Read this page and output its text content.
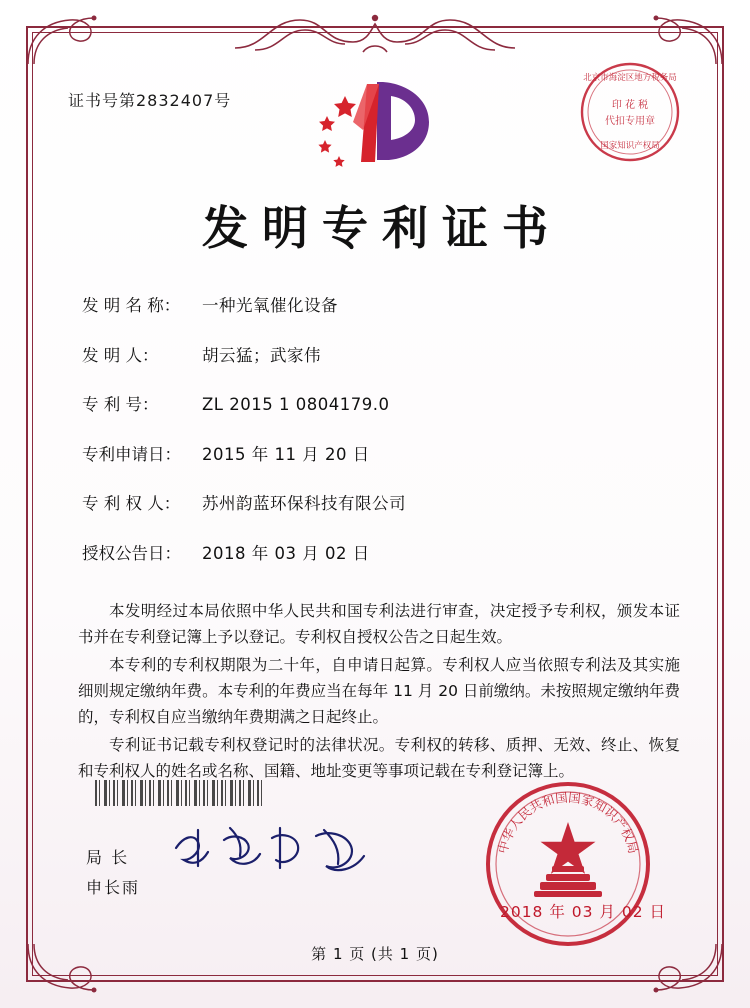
证书号第2832407号
发明专利证书
北京市海淀区地方税务局
印 花 税
代扣专用章
国家知识产权局
发 明 名 称：	一种光氧催化设备
发 明 人：	胡云猛；武家伟
专 利 号：	ZL 2015 1 0804179.0
专利申请日：	2015 年 11 月 20 日
专 利 权 人：	苏州韵蓝环保科技有限公司
授权公告日：	2018 年 03 月 02 日

本发明经过本局依照中华人民共和国专利法进行审查，决定授予专利权，颁发本证书并在专利登记簿上予以登记。专利权自授权公告之日起生效。

本专利的专利权期限为二十年，自申请日起算。专利权人应当依照专利法及其实施细则规定缴纳年费。本专利的年费应当在每年 11 月 20 日前缴纳。未按照规定缴纳年费的，专利权自应当缴纳年费期满之日起终止。

专利证书记载专利权登记时的法律状况。专利权的转移、质押、无效、终止、恢复和专利权人的姓名或名称、国籍、地址变更等事项记载在专利登记簿上。

局 长
申长雨
中华人民共和国国家知识产权局
2018 年 03 月 02 日
第 1 页 (共 1 页)
